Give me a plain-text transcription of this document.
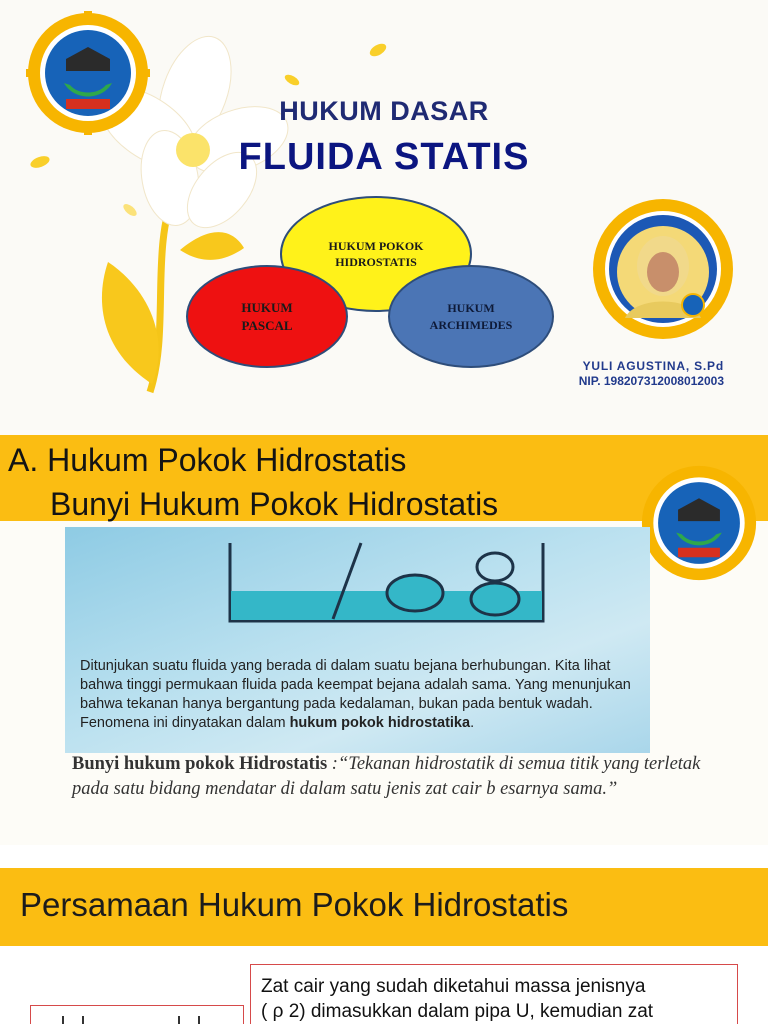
HUKUM DASAR
FLUIDA STATIS
HUKUM POKOK HIDROSTATIS
HUKUM PASCAL
HUKUM ARCHIMEDES
YULI AGUSTINA, S.Pd
NIP. 198207312008012003
A. Hukum Pokok Hidrostatis
Bunyi Hukum Pokok Hidrostatis
Ditunjukan suatu fluida yang berada di dalam suatu bejana berhubungan. Kita lihat bahwa tinggi permukaan fluida pada keempat bejana adalah sama. Yang menunjukan bahwa tekanan hanya bergantung pada kedalaman, bukan pada bentuk wadah. Fenomena ini dinyatakan dalam hukum pokok hidrostatika.
Bunyi hukum pokok Hidrostatis :“Tekanan hidrostatik di semua titik yang terletak pada satu bidang mendatar di dalam satu jenis zat cair b esarnya sama.”
Persamaan Hukum Pokok Hidrostatis
Zat cair yang sudah diketahui massa jenisnya
( ρ 2) dimasukkan dalam pipa U, kemudian zat
